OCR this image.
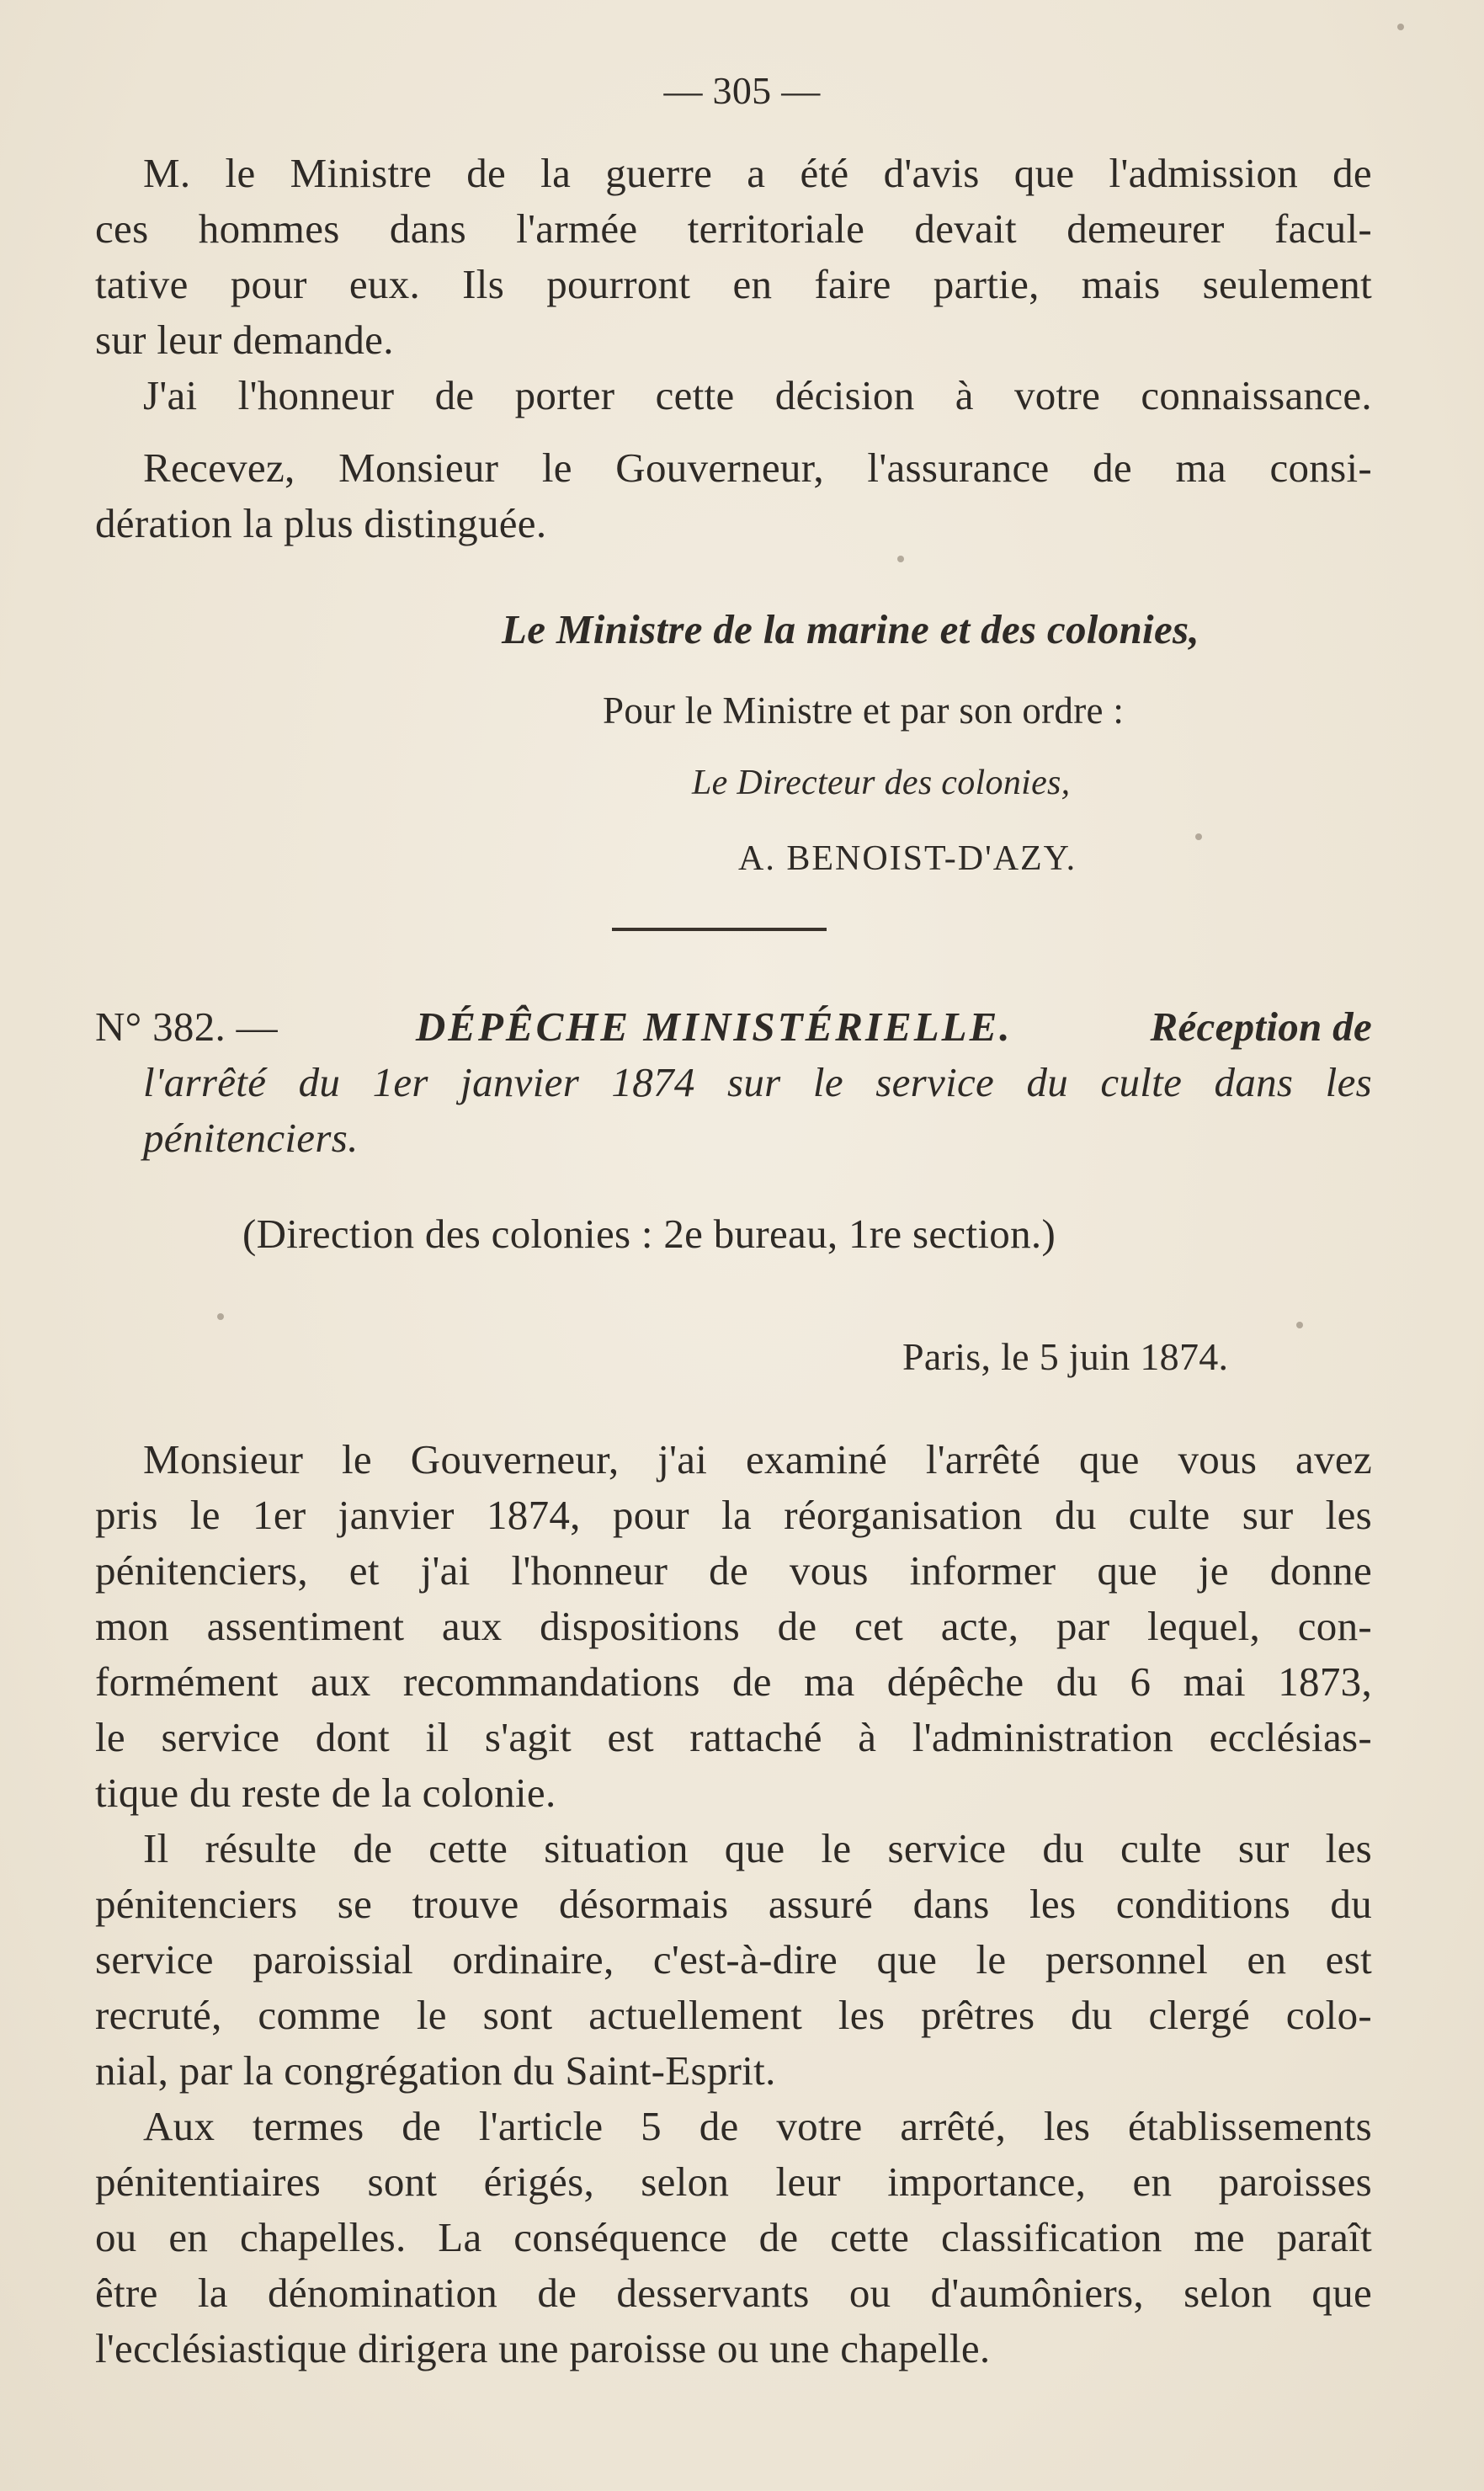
— 305 —
M. le Ministre de la guerre a été d'avis que l'admission de
ces hommes dans l'armée territoriale devait demeurer facul-
tative pour eux. Ils pourront en faire partie, mais seulement
sur leur demande.
J'ai l'honneur de porter cette décision à votre connaissance.
Recevez, Monsieur le Gouverneur, l'assurance de ma consi-
dération la plus distinguée.
Le Ministre de la marine et des colonies,
Pour le Ministre et par son ordre :
Le Directeur des colonies,
A. BENOIST-D'AZY.
N° 382. —	DÉPÊCHE MINISTÉRIELLE.	Réception de
l'arrêté du 1er janvier 1874 sur le service du culte dans les
pénitenciers.
(Direction des colonies : 2e bureau, 1re section.)
Paris, le 5 juin 1874.
Monsieur le Gouverneur, j'ai examiné l'arrêté que vous avez
pris le 1er janvier 1874, pour la réorganisation du culte sur les
pénitenciers, et j'ai l'honneur de vous informer que je donne
mon assentiment aux dispositions de cet acte, par lequel, con-
formément aux recommandations de ma dépêche du 6 mai 1873,
le service dont il s'agit est rattaché à l'administration ecclésias-
tique du reste de la colonie.
Il résulte de cette situation que le service du culte sur les
pénitenciers se trouve désormais assuré dans les conditions du
service paroissial ordinaire, c'est-à-dire que le personnel en est
recruté, comme le sont actuellement les prêtres du clergé colo-
nial, par la congrégation du Saint-Esprit.
Aux termes de l'article 5 de votre arrêté, les établissements
pénitentiaires sont érigés, selon leur importance, en paroisses
ou en chapelles. La conséquence de cette classification me paraît
être la dénomination de desservants ou d'aumôniers, selon que
l'ecclésiastique dirigera une paroisse ou une chapelle.
